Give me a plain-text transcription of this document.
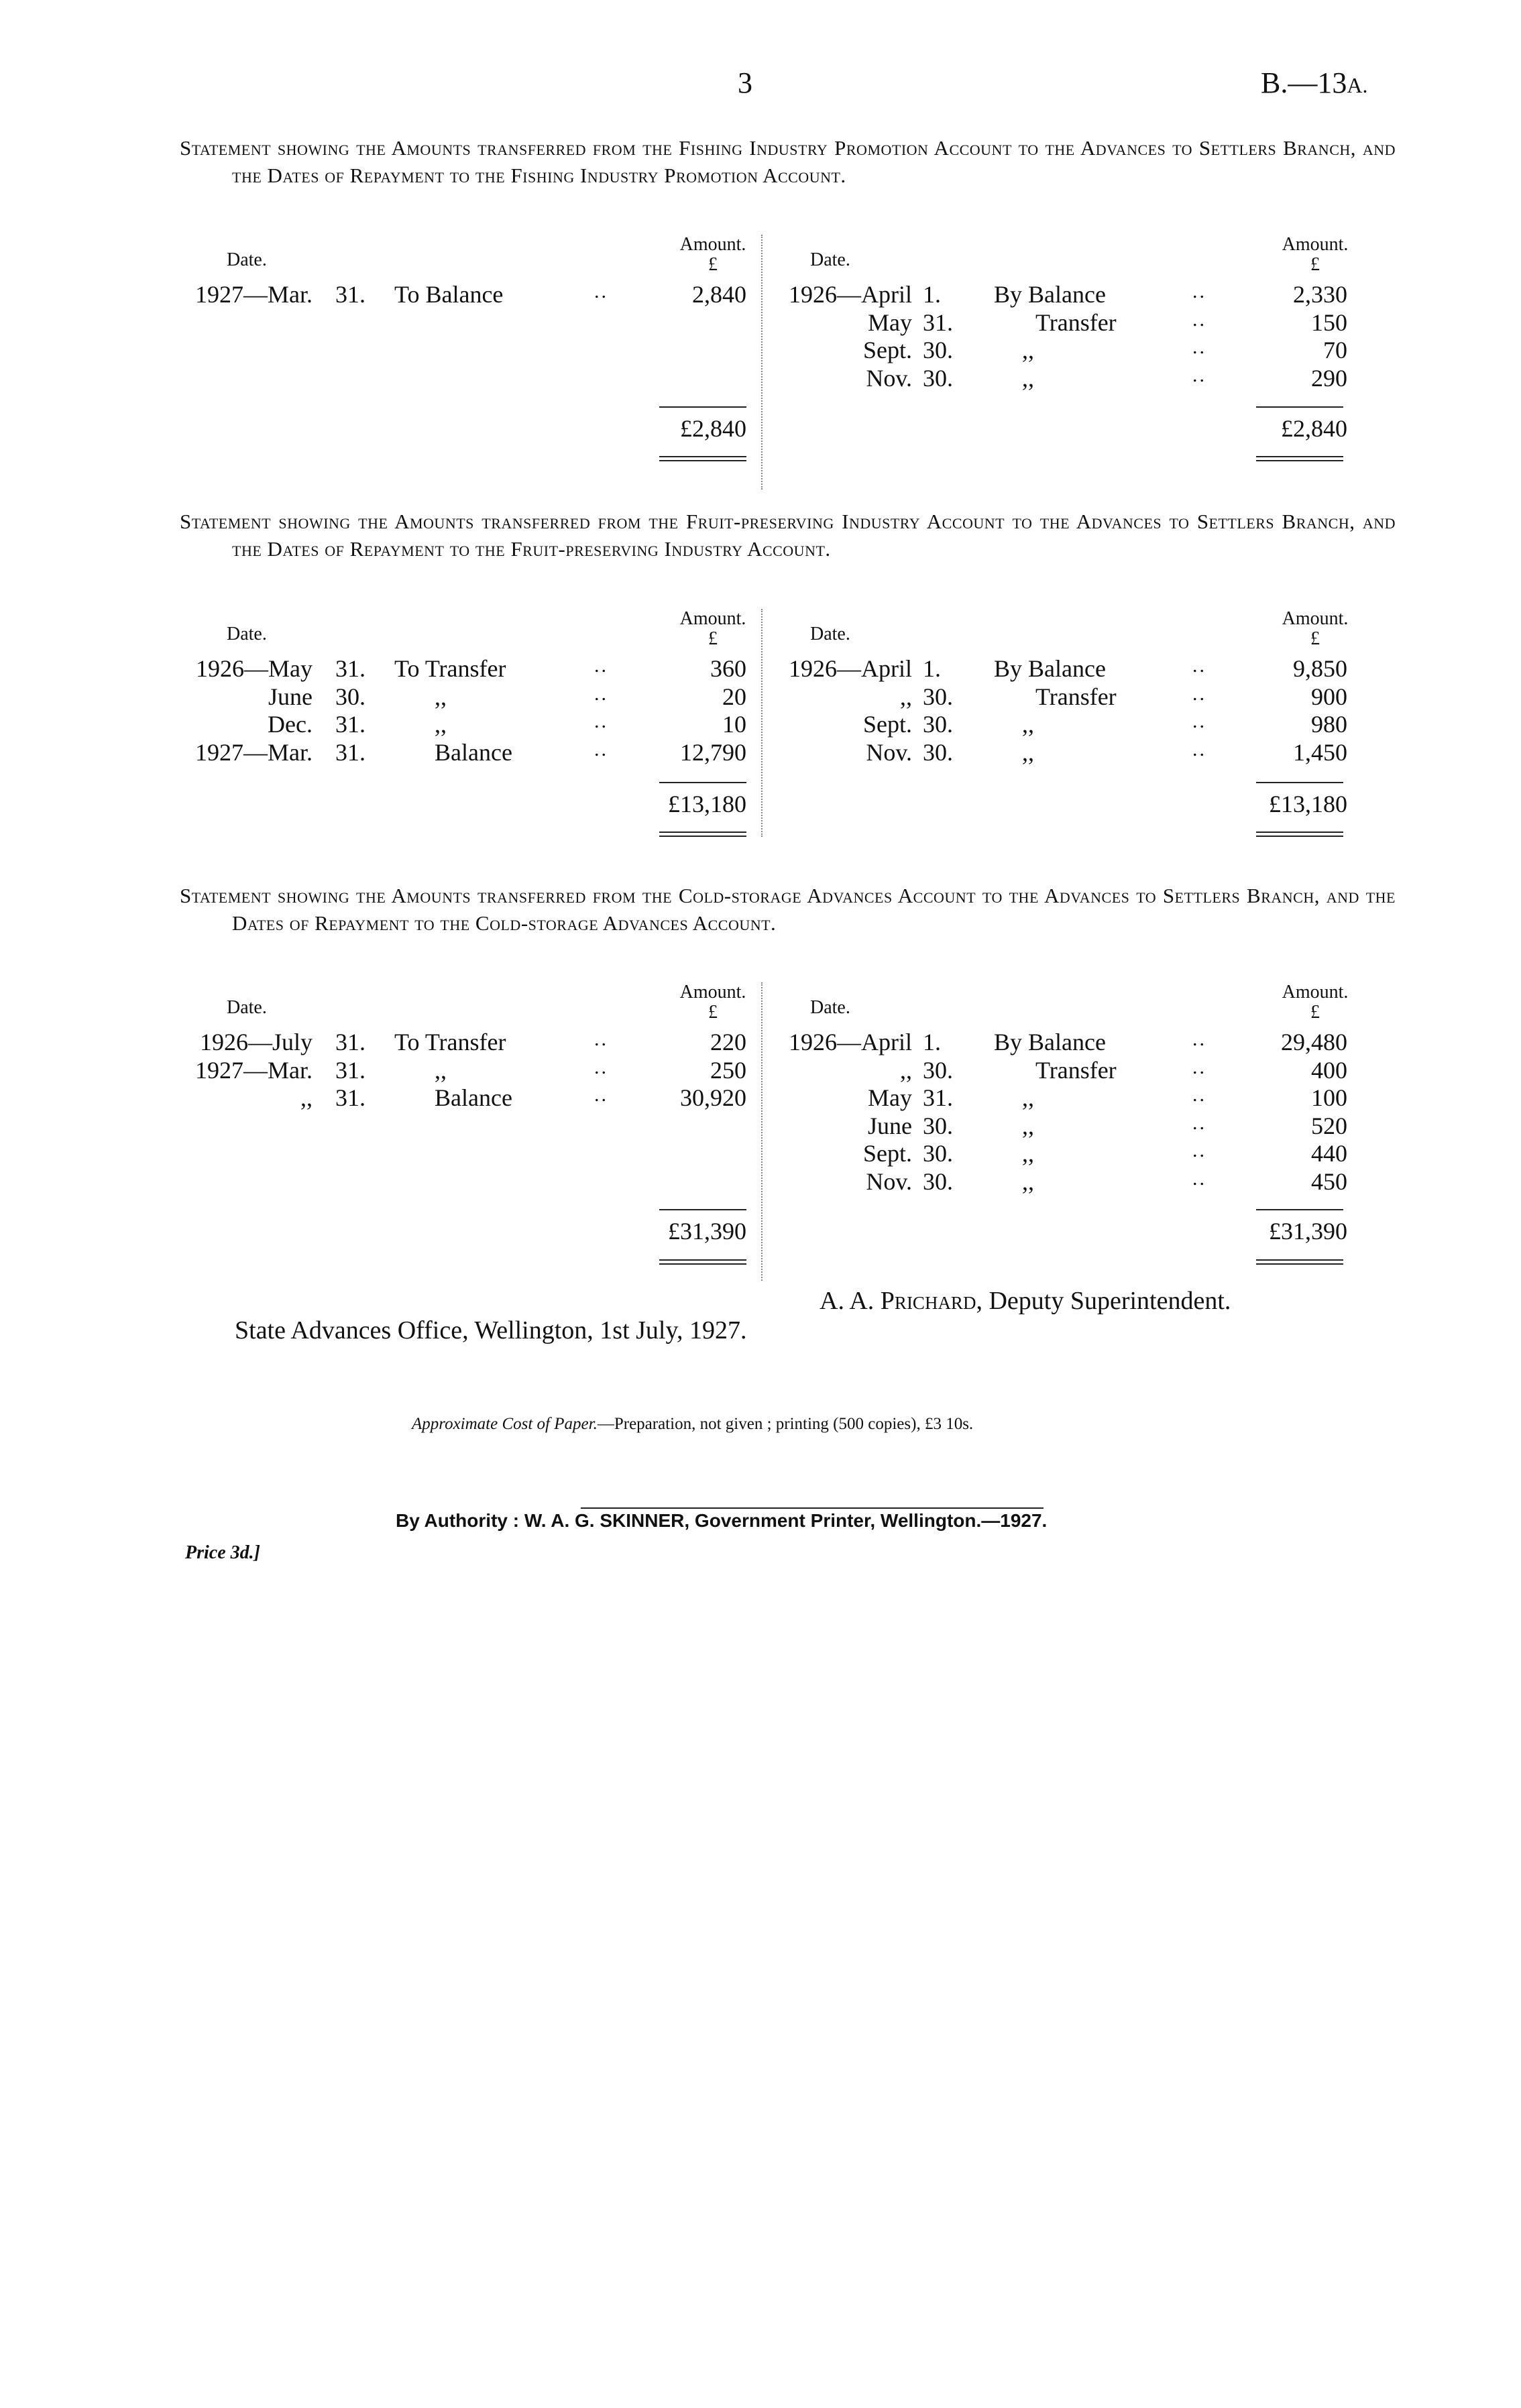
3	B.—13A.
Statement showing the Amounts transferred from the Fishing Industry Promotion Account to the Advances to Settlers Branch, and the Dates of Repayment to the Fishing Industry Promotion Account.
Date.
Amount.
£
1927—Mar. 31. To Balance	..	2,840
£2,840
Date.
Amount.
£
1926—April 1. By Balance	..	2,330
May 31.	Transfer	..	150
Sept. 30.	,,	..	70
Nov. 30.	,,	..	290
£2,840
Statement showing the Amounts transferred from the Fruit-preserving Industry Account to the Advances to Settlers Branch, and the Dates of Repayment to the Fruit-preserving Industry Account.
Date.
Amount.
£
1926—May 31. To Transfer	..	360
June 30.	,,	..	20
Dec. 31.	,,	..	10
1927—Mar. 31.	Balance	..	12,790
£13,180
Date.
Amount.
£
1926—April 1. By Balance	..	9,850
,, 30.	Transfer	..	900
Sept. 30.	,,	..	980
Nov. 30.	,,	..	1,450
£13,180
Statement showing the Amounts transferred from the Cold-storage Advances Account to the Advances to Settlers Branch, and the Dates of Repayment to the Cold-storage Advances Account.
Date.
Amount.
£
1926—July 31. To Transfer	..	220
1927—Mar. 31.	,,	..	250
,, 31.	Balance	..	30,920
£31,390
Date.
Amount.
£
1926—April 1. By Balance	..	29,480
,, 30.	Transfer	..	400
May 31.	,,	..	100
June 30.	,,	..	520
Sept. 30.	,,	..	440
Nov. 30.	,,	..	450
£31,390
A. A. Prichard, Deputy Superintendent.
State Advances Office, Wellington, 1st July, 1927.
Approximate Cost of Paper.—Preparation, not given ; printing (500 copies), £3 10s.
By Authority : W. A. G. SKINNER, Government Printer, Wellington.—1927.
Price 3d.]
